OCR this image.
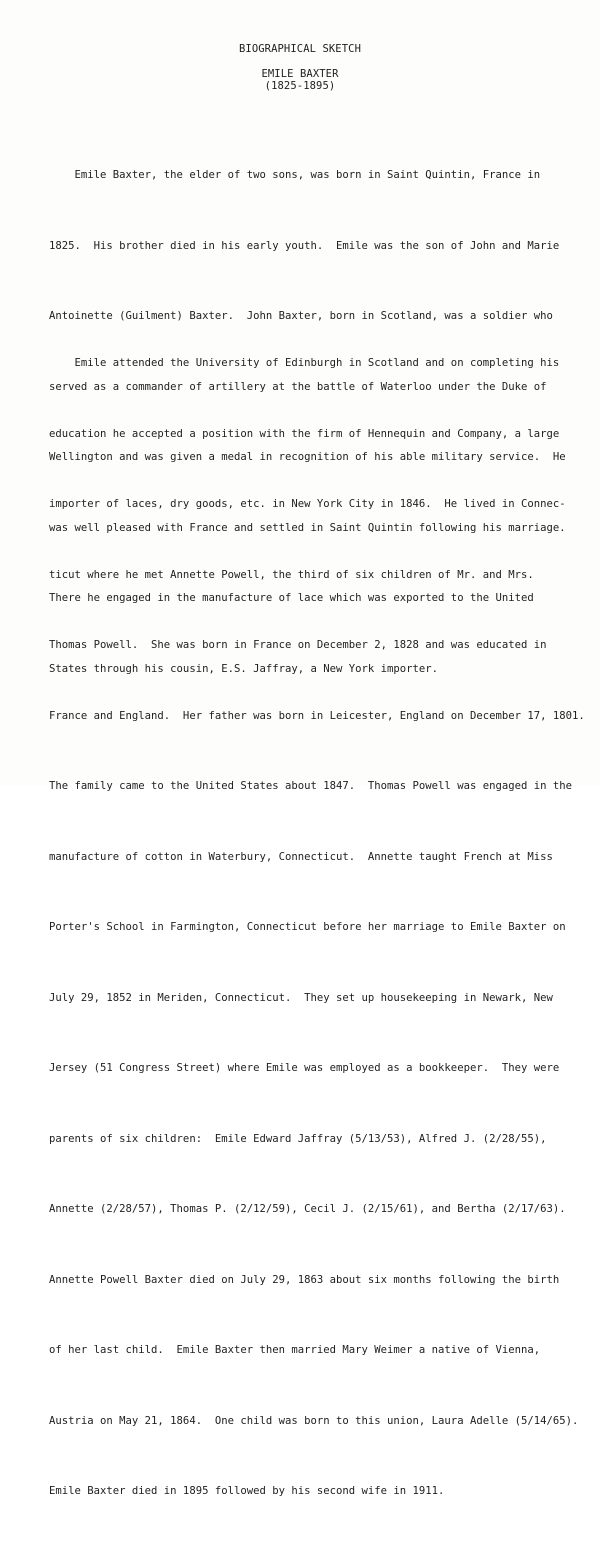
BIOGRAPHICAL SKETCH
EMILE BAXTER
(1825-1895)

Emile Baxter, the elder of two sons, was born in Saint Quintin, France in

1825.  His brother died in his early youth.  Emile was the son of John and Marie

Antoinette (Guilment) Baxter.  John Baxter, born in Scotland, was a soldier who

served as a commander of artillery at the battle of Waterloo under the Duke of

Wellington and was given a medal in recognition of his able military service.  He

was well pleased with France and settled in Saint Quintin following his marriage.

There he engaged in the manufacture of lace which was exported to the United

States through his cousin, E.S. Jaffray, a New York importer.

Emile attended the University of Edinburgh in Scotland and on completing his

education he accepted a position with the firm of Hennequin and Company, a large

importer of laces, dry goods, etc. in New York City in 1846.  He lived in Connec-

ticut where he met Annette Powell, the third of six children of Mr. and Mrs.

Thomas Powell.  She was born in France on December 2, 1828 and was educated in

France and England.  Her father was born in Leicester, England on December 17, 1801.

The family came to the United States about 1847.  Thomas Powell was engaged in the

manufacture of cotton in Waterbury, Connecticut.  Annette taught French at Miss

Porter's School in Farmington, Connecticut before her marriage to Emile Baxter on

July 29, 1852 in Meriden, Connecticut.  They set up housekeeping in Newark, New

Jersey (51 Congress Street) where Emile was employed as a bookkeeper.  They were

parents of six children:  Emile Edward Jaffray (5/13/53), Alfred J. (2/28/55),

Annette (2/28/57), Thomas P. (2/12/59), Cecil J. (2/15/61), and Bertha (2/17/63).

Annette Powell Baxter died on July 29, 1863 about six months following the birth

of her last child.  Emile Baxter then married Mary Weimer a native of Vienna,

Austria on May 21, 1864.  One child was born to this union, Laura Adelle (5/14/65).

Emile Baxter died in 1895 followed by his second wife in 1911.
